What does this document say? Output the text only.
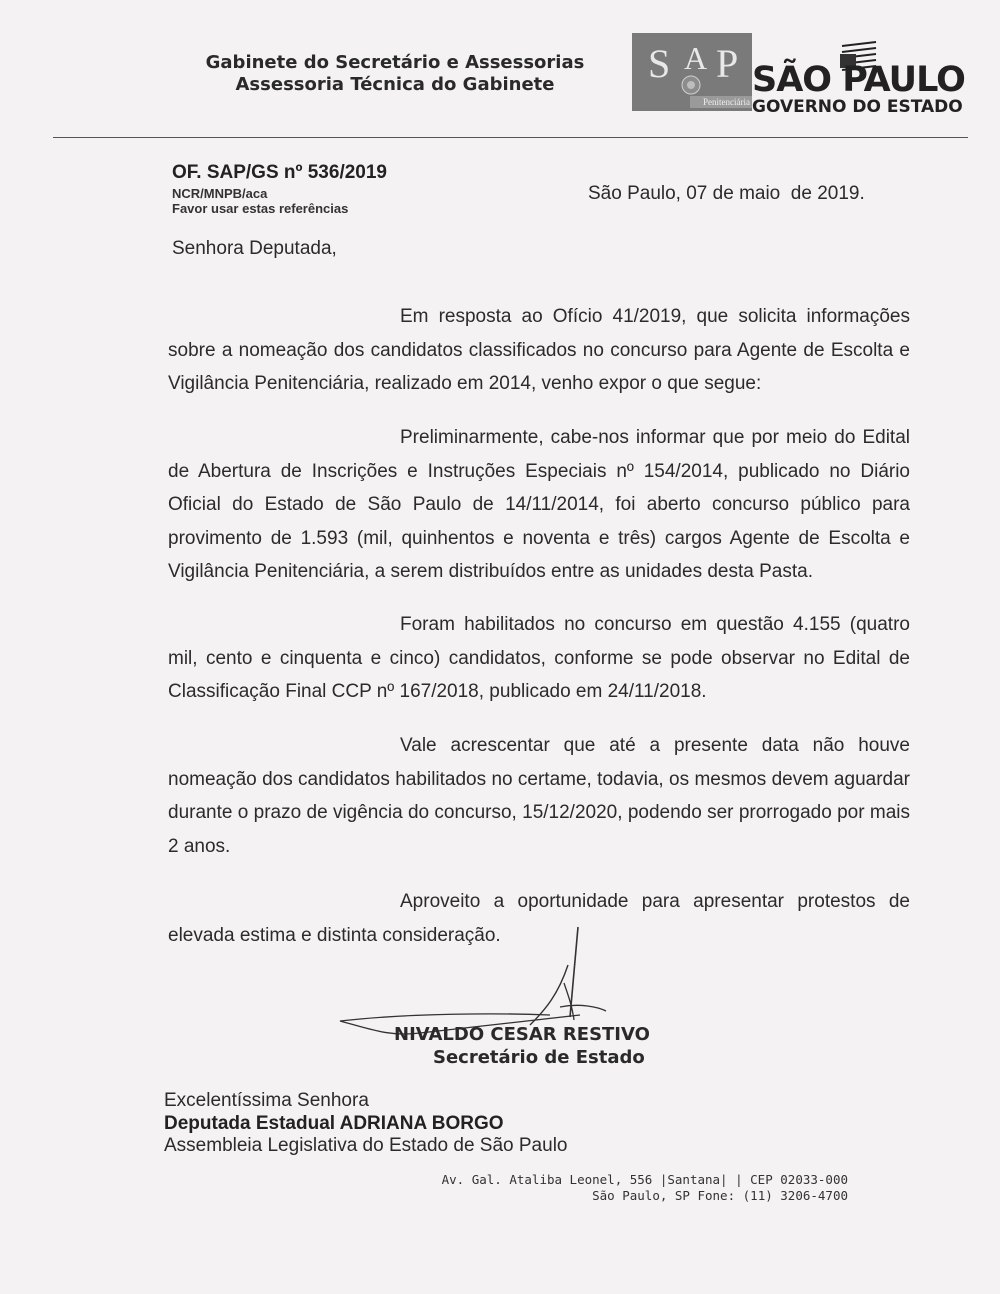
Gabinete do Secretário e Assessorias
Assessoria Técnica do Gabinete	S A P
Penitenciária
SÃO PAULO
GOVERNO DO ESTADO
OF. SAP/GS nº 536/2019
NCR/MNPB/aca
Favor usar estas referências
São Paulo, 07 de maio  de 2019.
Senhora Deputada,
Em resposta ao Ofício 41/2019, que solicita informações sobre a nomeação dos candidatos classificados no concurso para Agente de Escolta e Vigilância Penitenciária, realizado em 2014, venho expor o que segue:
Preliminarmente, cabe-nos informar que por meio do Edital de Abertura de Inscrições e Instruções Especiais nº 154/2014, publicado no Diário Oficial do Estado de São Paulo de 14/11/2014, foi aberto concurso público para provimento de 1.593 (mil, quinhentos e noventa e três) cargos Agente de Escolta e Vigilância Penitenciária, a serem distribuídos entre as unidades desta Pasta.
Foram habilitados no concurso em questão 4.155 (quatro mil, cento e cinquenta e cinco) candidatos, conforme se pode observar no Edital de Classificação Final CCP nº 167/2018, publicado em 24/11/2018.
Vale acrescentar que até a presente data não houve nomeação dos candidatos habilitados no certame, todavia, os mesmos devem aguardar durante o prazo de vigência do concurso, 15/12/2020, podendo ser prorrogado por mais 2 anos.
Aproveito a oportunidade para apresentar protestos de elevada estima e distinta consideração.
NIVALDO CESAR RESTIVO
Secretário de Estado
Excelentíssima Senhora
Deputada Estadual ADRIANA BORGO
Assembleia Legislativa do Estado de São Paulo
Av. Gal. Ataliba Leonel, 556 |Santana| | CEP 02033-000
São Paulo, SP Fone: (11) 3206-4700
